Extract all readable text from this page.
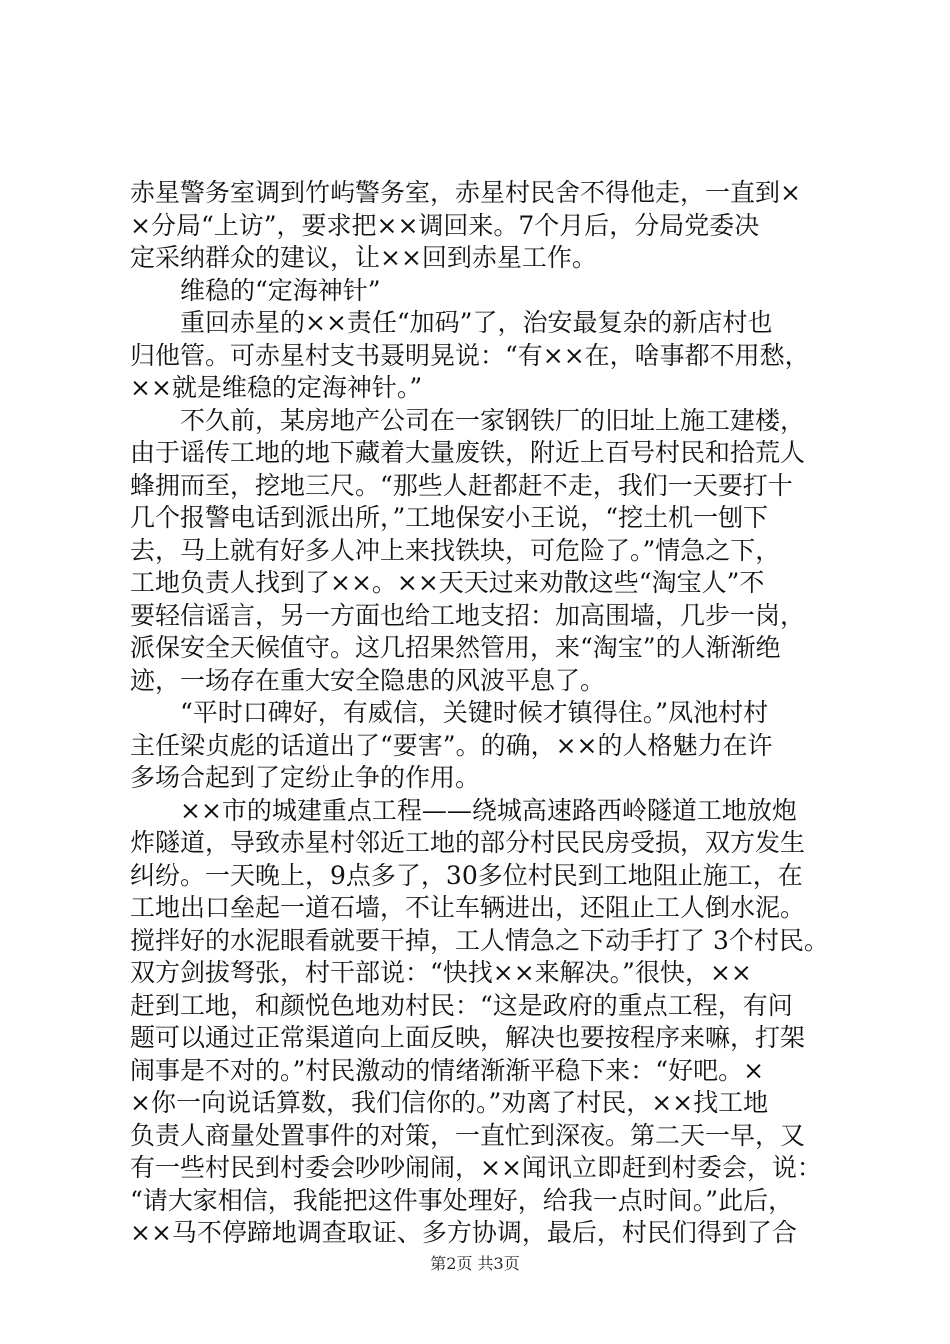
赤星警务室调到竹屿警务室，赤星村民舍不得他走，一直到×
×分局“上访”，要求把××调回来。7个月后，分局党委决
定采纳群众的建议，让××回到赤星工作。
　　维稳的“定海神针”
　　重回赤星的××责任“加码”了，治安最复杂的新店村也
归他管。可赤星村支书聂明晃说：“有××在，啥事都不用愁，
××就是维稳的定海神针。”
　　不久前，某房地产公司在一家钢铁厂的旧址上施工建楼，
由于谣传工地的地下藏着大量废铁，附近上百号村民和拾荒人
蜂拥而至，挖地三尺。“那些人赶都赶不走，我们一天要打十
几个报警电话到派出所，”工地保安小王说，“挖土机一刨下
去，马上就有好多人冲上来找铁块，可危险了。”情急之下，
工地负责人找到了××。××天天过来劝散这些“淘宝人”不
要轻信谣言，另一方面也给工地支招：加高围墙，几步一岗，
派保安全天候值守。这几招果然管用，来“淘宝”的人渐渐绝
迹，一场存在重大安全隐患的风波平息了。
　　“平时口碑好，有威信，关键时候才镇得住。”凤池村村
主任梁贞彪的话道出了“要害”。的确，××的人格魅力在许
多场合起到了定纷止争的作用。
　　××市的城建重点工程——绕城高速路西岭隧道工地放炮
炸隧道，导致赤星村邻近工地的部分村民民房受损，双方发生
纠纷。一天晚上，9点多了，30多位村民到工地阻止施工，在
工地出口垒起一道石墙，不让车辆进出，还阻止工人倒水泥。
搅拌好的水泥眼看就要干掉，工人情急之下动手打了 3个村民。
双方剑拔弩张，村干部说：“快找××来解决。”很快，××
赶到工地，和颜悦色地劝村民：“这是政府的重点工程，有问
题可以通过正常渠道向上面反映，解决也要按程序来嘛，打架
闹事是不对的。”村民激动的情绪渐渐平稳下来：“好吧。×
×你一向说话算数，我们信你的。”劝离了村民，××找工地
负责人商量处置事件的对策，一直忙到深夜。第二天一早，又
有一些村民到村委会吵吵闹闹，××闻讯立即赶到村委会，说：
“请大家相信，我能把这件事处理好，给我一点时间。”此后，
××马不停蹄地调查取证、多方协调，最后，村民们得到了合
第2页 共3页
